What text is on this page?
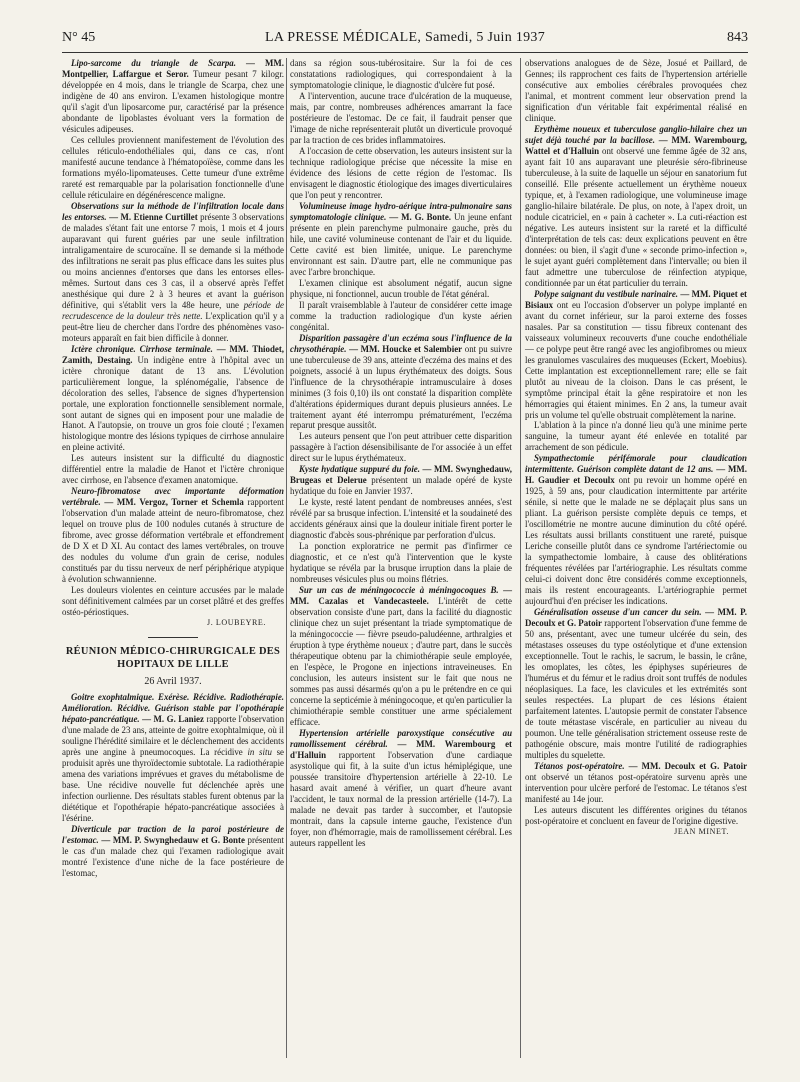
N° 45	LA PRESSE MÉDICALE, Samedi, 5 Juin 1937	843

Lipo-sarcome du triangle de Scarpa. — MM. Montpellier, Laffargue et Seror. Tumeur pesant 7 kilogr. développée en 4 mois, dans le triangle de Scarpa, chez une indigène de 40 ans environ. L'examen histologique montre qu'il s'agit d'un liposarcome pur, caractérisé par la présence abondante de lipoblastes évoluant vers la formation de vésicules adipeuses.

Ces cellules proviennent manifestement de l'évolution des cellules réticulo-endothéliales qui, dans ce cas, n'ont manifesté aucune tendance à l'hématopoïèse, comme dans les formations myélo-lipomateuses. Cette tumeur d'une extrême rareté est remarquable par la polarisation fonctionnelle d'une cellule réticulaire en dégénérescence maligne.

Observations sur la méthode de l'infiltration locale dans les entorses. — M. Etienne Curtillet présente 3 observations de malades s'étant fait une entorse 7 mois, 1 mois et 4 jours auparavant qui furent guéries par une seule infiltration intraligamentaire de scurocaïne. Il se demande si la méthode des infiltrations ne serait pas plus efficace dans les suites plus ou moins anciennes d'entorses que dans les entorses elles-mêmes. Surtout dans ces 3 cas, il a observé après l'effet anesthésique qui dure 2 à 3 heures et avant la guérison définitive, qui s'établit vers la 48e heure, une période de recrudescence de la douleur très nette. L'explication qu'il y a peut-être lieu de chercher dans l'ordre des phénomènes vaso-moteurs apparaît en fait bien difficile à donner.

Ictère chronique. Cirrhose terminale. — MM. Thiodet, Zamith, Destaing. Un indigène entre à l'hôpital avec un ictère chronique datant de 13 ans. L'évolution particulièrement longue, la splénomégalie, l'absence de décoloration des selles, l'absence de signes d'hypertension portale, une exploration fonctionnelle sensiblement normale, sont autant de signes qui en imposent pour une maladie de Hanot. A l'autopsie, on trouve un gros foie clouté ; l'examen histologique montre des lésions typiques de cirrhose annulaire en pleine activité.

Les auteurs insistent sur la difficulté du diagnostic différentiel entre la maladie de Hanot et l'ictère chronique avec cirrhose, en l'absence d'examen anatomique.

Neuro-fibromatose avec importante déformation vertébrale. — MM. Vergoz, Torner et Schemla rapportent l'observation d'un malade atteint de neuro-fibromatose, chez lequel on trouve plus de 100 nodules cutanés à structure de fibrome, avec grosse déformation vertébrale et effondrement de D X et D XI. Au contact des lames vertébrales, on trouve des nodules du volume d'un grain de cerise, nodules constitués par du tissu nerveux de nerf périphérique atypique à évolution schwannienne.

Les douleurs violentes en ceinture accusées par le malade sont définitivement calmées par un corset plâtré et des greffes ostéo-périostiques.

J. LOUBEYRE.
RÉUNION MÉDICO-CHIRURGICALE DES HOPITAUX DE LILLE
26 Avril 1937.

Goitre exophtalmique. Exérèse. Récidive. Radiothérapie. Amélioration. Récidive. Guérison stable par l'opothérapie hépato-pancréatique. — M. G. Laniez rapporte l'observation d'une malade de 23 ans, atteinte de goitre exophtalmique, où il souligne l'hérédité similaire et le déclenchement des accidents après une angine à pneumocoques. La récidive in situ se produisit après une thyroïdectomie subtotale. La radiothérapie amena des variations imprévues et graves du métabolisme de base. Une récidive nouvelle fut déclenchée après une infection ourlienne. Des résultats stables furent obtenus par la diététique et l'opothérapie hépato-pancréatique associées à l'ésérine.

Diverticule par traction de la paroi postérieure de l'estomac. — MM. P. Swynghedauw et G. Bonte présentent le cas d'un malade chez qui l'examen radiologique avait montré l'existence d'une niche de la face postérieure de l'estomac,

dans sa région sous-tubérositaire. Sur la foi de ces constatations radiologiques, qui correspondaient à la symptomatologie clinique, le diagnostic d'ulcère fut posé.

A l'intervention, aucune trace d'ulcération de la muqueuse, mais, par contre, nombreuses adhérences amarrant la face postérieure de l'estomac. De ce fait, il faudrait penser que l'image de niche représenterait plutôt un diverticule provoqué par la traction de ces brides inflammatoires.

A l'occasion de cette observation, les auteurs insistent sur la technique radiologique précise que nécessite la mise en évidence des lésions de cette région de l'estomac. Ils envisagent le diagnostic étiologique des images diverticulaires que l'on peut y rencontrer.

Volumineuse image hydro-aérique intra-pulmonaire sans symptomatologie clinique. — M. G. Bonte. Un jeune enfant présente en plein parenchyme pulmonaire gauche, près du hile, une cavité volumineuse contenant de l'air et du liquide. Cette cavité est bien limitée, unique. Le parenchyme environnant est sain. D'autre part, elle ne communique pas avec l'arbre bronchique.

L'examen clinique est absolument négatif, aucun signe physique, ni fonctionnel, aucun trouble de l'état général.

Il paraît vraisemblable à l'auteur de considérer cette image comme la traduction radiologique d'un kyste aérien congénital.

Disparition passagère d'un eczéma sous l'influence de la chrysothérapie. — MM. Houcke et Salembier ont pu suivre une tuberculeuse de 39 ans, atteinte d'eczéma des mains et des poignets, associé à un lupus érythémateux des doigts. Sous l'influence de la chrysothérapie intramusculaire à doses minimes (3 fois 0,10) ils ont constaté la disparition complète d'altérations épidermiques durant depuis plusieurs années. Le traitement ayant été interrompu prématurément, l'eczéma reparut presque aussitôt.

Les auteurs pensent que l'on peut attribuer cette disparition passagère à l'action désensibilisante de l'or associée à un effet direct sur le lupus érythémateux.

Kyste hydatique suppuré du foie. — MM. Swynghedauw, Brugeas et Delerue présentent un malade opéré de kyste hydatique du foie en Janvier 1937.

Le kyste, resté latent pendant de nombreuses années, s'est révélé par sa brusque infection. L'intensité et la soudaineté des accidents généraux ainsi que la douleur initiale firent porter le diagnostic d'abcès sous-phrénique par perforation d'ulcus.

La ponction exploratrice ne permit pas d'infirmer ce diagnostic, et ce n'est qu'à l'intervention que le kyste hydatique se révéla par la brusque irruption dans la plaie de nombreuses vésicules plus ou moins flétries.

Sur un cas de méningococcie à méningocoques B. — MM. Cazalas et Vandecasteele. L'intérêt de cette observation consiste d'une part, dans la facilité du diagnostic clinique chez un sujet présentant la triade symptomatique de la méningococcie — fièvre pseudo-paludéenne, arthralgies et éruption à type érythème noueux ; d'autre part, dans le succès thérapeutique obtenu par la chimiothérapie seule employée, en l'espèce, le Progone en injections intraveineuses. En conclusion, les auteurs insistent sur le fait que nous ne sommes pas aussi désarmés qu'on a pu le prétendre en ce qui concerne la septicémie à méningocoque, et qu'en particulier la chimiothérapie semble constituer une arme spécialement efficace.

Hypertension artérielle paroxystique consécutive au ramollissement cérébral. — MM. Warembourg et d'Halluin rapportent l'observation d'une cardiaque asystolique qui fit, à la suite d'un ictus hémiplégique, une poussée transitoire d'hypertension artérielle à 22-10. Le hasard avait amené à vérifier, un quart d'heure avant l'accident, le taux normal de la pression artérielle (14-7). La malade ne devait pas tarder à succomber, et l'autopsie montrait, dans la capsule interne gauche, l'existence d'un foyer, non d'hémorragie, mais de ramollissement cérébral. Les auteurs rappellent les

observations analogues de de Sèze, Josué et Paillard, de Gennes; ils rapprochent ces faits de l'hypertension artérielle consécutive aux embolies cérébrales provoquées chez l'animal, et montrent comment leur observation prend la signification d'un véritable fait expérimental réalisé en clinique.

Erythème noueux et tuberculose ganglio-hilaire chez un sujet déjà touché par la bacillose. — MM. Warembourg, Wattel et d'Halluin ont observé une femme âgée de 32 ans, ayant fait 10 ans auparavant une pleurésie séro-fibrineuse tuberculeuse, à la suite de laquelle un séjour en sanatorium fut conseillé. Elle présente actuellement un érythème noueux typique, et, à l'examen radiologique, une volumineuse image ganglio-hilaire bilatérale. De plus, on note, à l'apex droit, un nodule cicatriciel, en « pain à cacheter ». La cuti-réaction est négative. Les auteurs insistent sur la rareté et la difficulté d'interprétation de tels cas: deux explications peuvent en être données: ou bien, il s'agit d'une « seconde primo-infection », le sujet ayant guéri complètement dans l'intervalle; ou bien il faut admettre une tuberculose de réinfection atypique, conditionnée par un état particulier du terrain.

Polype saignant du vestibule narinaire. — MM. Piquet et Bisiaux ont eu l'occasion d'observer un polype implanté en avant du cornet inférieur, sur la paroi externe des fosses nasales. Par sa constitution — tissu fibreux contenant des vaisseaux volumineux recouverts d'une couche endothéliale — ce polype peut être rangé avec les angiofibromes ou mieux les granulomes vasculaires des muqueuses (Eckert, Moebius). Cette implantation est exceptionnellement rare; elle se fait plutôt au niveau de la cloison. Dans le cas présent, le symptôme principal était la gêne respiratoire et non les hémorragies qui étaient minimes. En 2 ans, la tumeur avait pris un volume tel qu'elle obstruait complètement la narine.

L'ablation à la pince n'a donné lieu qu'à une minime perte sanguine, la tumeur ayant été enlevée en totalité par arrachement de son pédicule.

Sympathectomie périfémorale pour claudication intermittente. Guérison complète datant de 12 ans. — MM. H. Gaudier et Decoulx ont pu revoir un homme opéré en 1925, à 59 ans, pour claudication intermittente par artérite sénile, si nette que le malade ne se déplaçait plus sans un pliant. La guérison persiste complète depuis ce temps, et l'oscillométrie ne montre aucune diminution du côté opéré. Les résultats aussi brillants constituent une rareté, puisque Leriche conseille plutôt dans ce syndrome l'artériectomie ou la sympathectomie lombaire, à cause des oblitérations fréquentes révélées par l'artériographie. Les résultats comme celui-ci doivent donc être considérés comme exceptionnels, mais ils restent encourageants. L'artériographie permet aujourd'hui d'en préciser les indications.

Généralisation osseuse d'un cancer du sein. — MM. P. Decoulx et G. Patoir rapportent l'observation d'une femme de 50 ans, présentant, avec une tumeur ulcérée du sein, des métastases osseuses du type ostéolytique et d'une extension exceptionnelle. Tout le rachis, le sacrum, le bassin, le crâne, les omoplates, les côtes, les épiphyses supérieures de l'humérus et du fémur et le radius droit sont truffés de nodules néoplasiques. La face, les clavicules et les extrémités sont seules respectées. La plupart de ces lésions étaient parfaitement latentes. L'autopsie permit de constater l'absence de toute métastase viscérale, en particulier au niveau du poumon. Une telle généralisation strictement osseuse reste de pathogénie obscure, mais montre l'utilité de radiographies multiples du squelette.

Tétanos post-opératoire. — MM. Decoulx et G. Patoir ont observé un tétanos post-opératoire survenu après une intervention pour ulcère perforé de l'estomac. Le tétanos s'est manifesté au 14e jour.

Les auteurs discutent les différentes origines du tétanos post-opératoire et concluent en faveur de l'origine digestive.

JEAN MINET.
